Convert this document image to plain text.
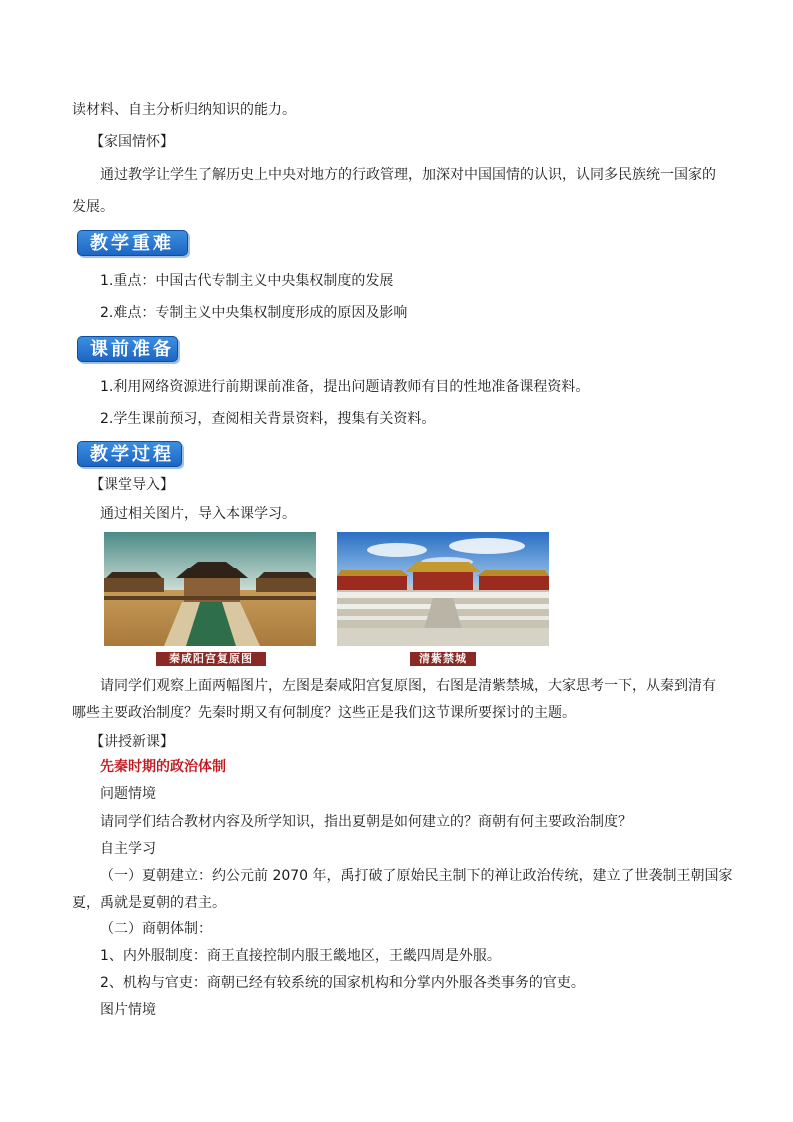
读材料、自主分析归纳知识的能力。
【家国情怀】
通过教学让学生了解历史上中央对地方的行政管理，加深对中国国情的认识，认同多民族统一国家的
发展。
教学重难点
1.重点：中国古代专制主义中央集权制度的发展
2.难点：专制主义中央集权制度形成的原因及影响
课前准备
1.利用网络资源进行前期课前准备，提出问题请教师有目的性地准备课程资料。
2.学生课前预习，查阅相关背景资料，搜集有关资料。
教学过程
【课堂导入】
通过相关图片，导入本课学习。
秦咸阳宫复原图	清紫禁城
请同学们观察上面两幅图片，左图是秦咸阳宫复原图，右图是清紫禁城，大家思考一下，从秦到清有
哪些主要政治制度？先秦时期又有何制度？这些正是我们这节课所要探讨的主题。
【讲授新课】
先秦时期的政治体制
问题情境
请同学们结合教材内容及所学知识，指出夏朝是如何建立的？商朝有何主要政治制度？
自主学习
（一）夏朝建立：约公元前 2070 年，禹打破了原始民主制下的禅让政治传统，建立了世袭制王朝国家
夏，禹就是夏朝的君主。
（二）商朝体制：
1、内外服制度：商王直接控制内服王畿地区，王畿四周是外服。
2、机构与官吏：商朝已经有较系统的国家机构和分掌内外服各类事务的官吏。
图片情境
